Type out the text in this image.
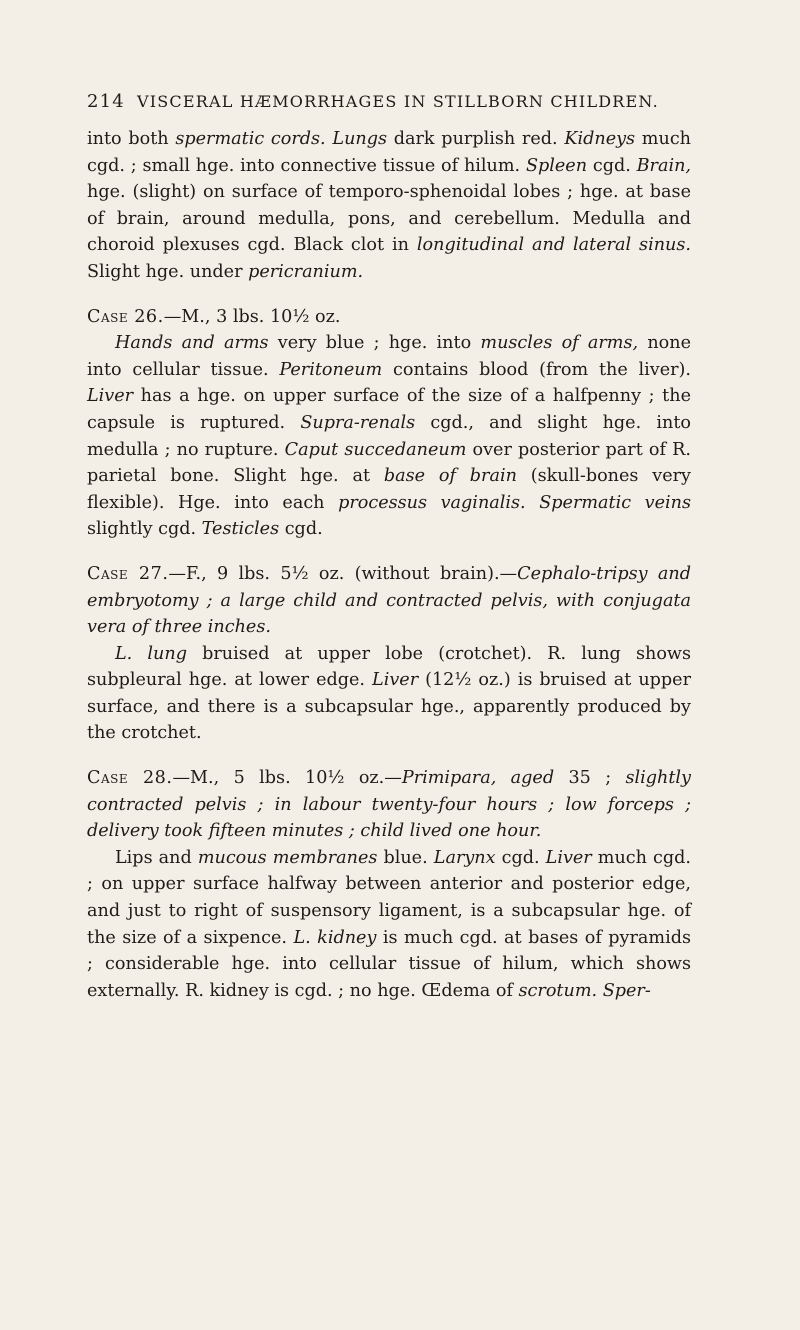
214 VISCERAL HÆMORRHAGES IN STILLBORN CHILDREN.

into both spermatic cords. Lungs dark purplish red. Kidneys much cgd. ; small hge. into connective tissue of hilum. Spleen cgd. Brain, hge. (slight) on surface of temporo-sphenoidal lobes ; hge. at base of brain, around medulla, pons, and cerebellum. Medulla and choroid plexuses cgd. Black clot in longitudinal and lateral sinus. Slight hge. under pericranium.

Case 26.—M., 3 lbs. 10½ oz.

Hands and arms very blue ; hge. into muscles of arms, none into cellular tissue. Peritoneum contains blood (from the liver). Liver has a hge. on upper surface of the size of a halfpenny ; the capsule is ruptured. Supra-renals cgd., and slight hge. into medulla ; no rupture. Caput succedaneum over posterior part of R. parietal bone. Slight hge. at base of brain (skull-bones very flexible). Hge. into each processus vaginalis. Spermatic veins slightly cgd. Testicles cgd.

Case 27.—F., 9 lbs. 5½ oz. (without brain).—Cephalo-tripsy and embryotomy ; a large child and contracted pelvis, with conjugata vera of three inches.

L. lung bruised at upper lobe (crotchet). R. lung shows subpleural hge. at lower edge. Liver (12½ oz.) is bruised at upper surface, and there is a subcapsular hge., apparently produced by the crotchet.

Case 28.—M., 5 lbs. 10½ oz.—Primipara, aged 35 ; slightly contracted pelvis ; in labour twenty-four hours ; low forceps ; delivery took fifteen minutes ; child lived one hour.

Lips and mucous membranes blue. Larynx cgd. Liver much cgd. ; on upper surface halfway between anterior and posterior edge, and just to right of suspensory ligament, is a subcapsular hge. of the size of a sixpence. L. kidney is much cgd. at bases of pyramids ; considerable hge. into cellular tissue of hilum, which shows externally. R. kidney is cgd. ; no hge. Œdema of scrotum. Sper-
